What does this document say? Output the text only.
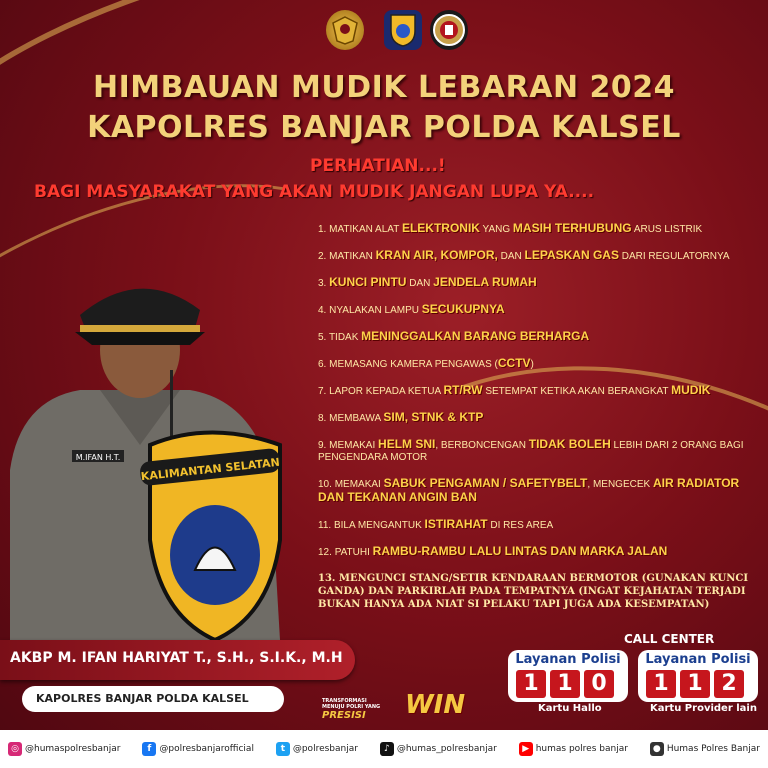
HIMBAUAN MUDIK LEBARAN 2024
KAPOLRES BANJAR POLDA KALSEL
PERHATIAN...!
BAGI MASYARAKAT YANG AKAN MUDIK JANGAN LUPA YA....
1. MATIKAN ALAT ELEKTRONIK YANG MASIH TERHUBUNG ARUS LISTRIK
2. MATIKAN KRAN AIR, KOMPOR, DAN LEPASKAN GAS DARI REGULATORNYA
3. KUNCI PINTU DAN JENDELA RUMAH
4. NYALAKAN LAMPU SECUKUPNYA
5. TIDAK MENINGGALKAN BARANG BERHARGA
6. MEMASANG KAMERA PENGAWAS (CCTV)
7. LAPOR KEPADA KETUA RT/RW SETEMPAT KETIKA AKAN BERANGKAT MUDIK
8. MEMBAWA SIM, STNK & KTP
9. MEMAKAI HELM SNI, BERBONCENGAN TIDAK BOLEH LEBIH DARI 2 ORANG BAGI PENGENDARA MOTOR
10. MEMAKAI SABUK PENGAMAN / SAFETYBELT, MENGECEK AIR RADIATOR DAN TEKANAN ANGIN BAN
11. BILA MENGANTUK ISTIRAHAT DI RES AREA
12. PATUHI RAMBU-RAMBU LALU LINTAS DAN MARKA JALAN
13. MENGUNCI STANG/SETIR KENDARAAN BERMOTOR (GUNAKAN KUNCI GANDA) DAN PARKIRLAH PADA TEMPATNYA (INGAT KEJAHATAN TERJADI BUKAN HANYA ADA NIAT SI PELAKU TAPI JUGA ADA KESEMPATAN)
M.IFAN H.T. KALIMANTAN SELATAN
AKBP M. IFAN HARIYAT T., S.H., S.I.K., M.H
KAPOLRES BANJAR POLDA KALSEL	TRANSFORMASI MENUJU POLRI YANG
PRESISI	WIN
CALL CENTER
Layanan Polisi
1 1 0
Layanan Polisi
1 1 2
Kartu Hallo	Kartu Provider lain
◎ @humaspolresbanjar	f @polresbanjarofficial	t @polresbanjar	♪ @humas_polresbanjar	▶ humas polres banjar	● Humas Polres Banjar
